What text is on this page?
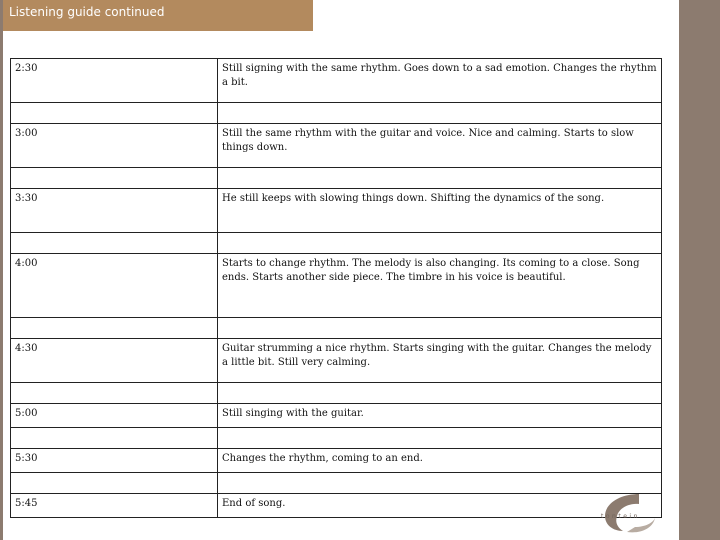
Listening guide continued
2:30	Still signing with the same rhythm. Goes down to a sad emotion. Changes the rhythm a bit.

3:00	Still the same rhythm with the guitar and voice. Nice and calming. Starts to slow things down.

3:30	He still keeps with slowing things down. Shifting the dynamics of the song.

4:00	Starts to change rhythm. The melody is also changing. Its coming to a close. Song ends. Starts another side piece. The timbre in his voice is beautiful.

4:30	Guitar strumming a nice rhythm. Starts singing with the guitar. Changes the melody a little bit. Still very calming.

5:00	Still singing with the guitar.

5:30	Changes the rhythm, coming to an end.

5:45	End of song.
t o n t e i n
